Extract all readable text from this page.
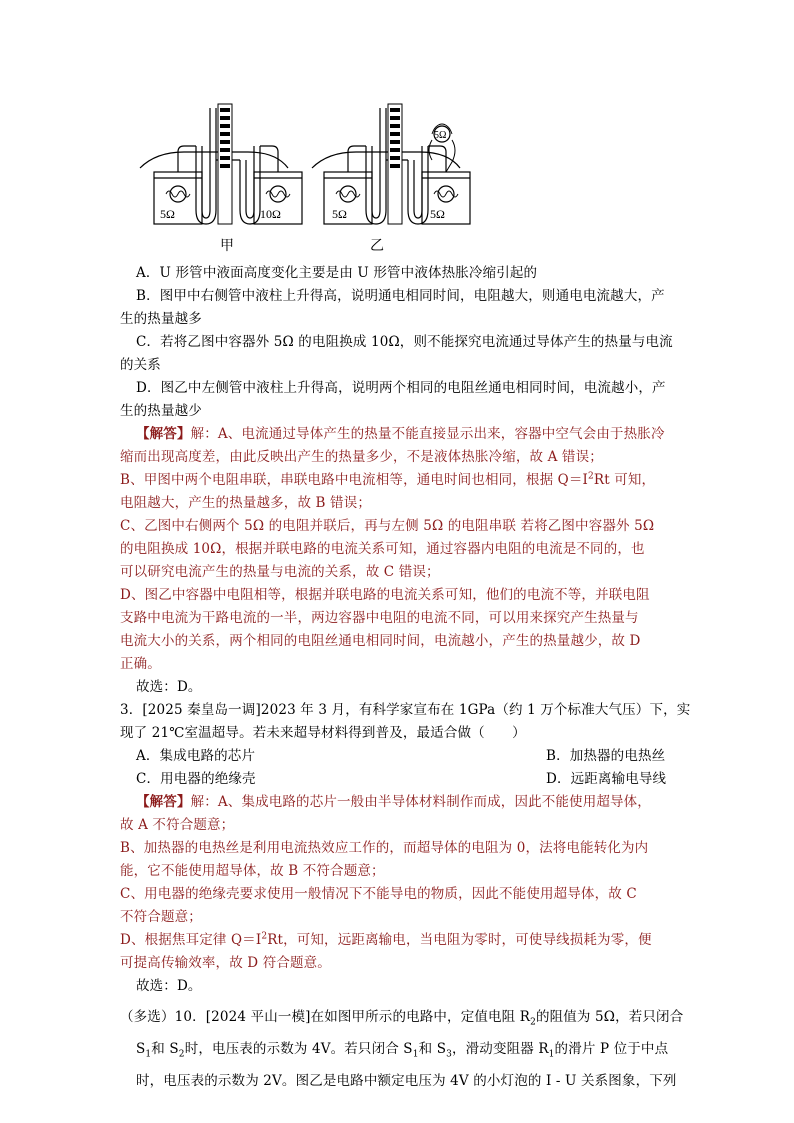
5Ω	10Ω	5Ω	5Ω
5Ω
甲	乙
A．U 形管中液面高度变化主要是由 U 形管中液体热胀冷缩引起的
B．图甲中右侧管中液柱上升得高，说明通电相同时间，电阻越大，则通电电流越大，产
生的热量越多
C．若将乙图中容器外 5Ω 的电阻换成 10Ω，则不能探究电流通过导体产生的热量与电流
的关系
D．图乙中左侧管中液柱上升得高，说明两个相同的电阻丝通电相同时间，电流越小，产
生的热量越少
【解答】解：A、电流通过导体产生的热量不能直接显示出来，容器中空气会由于热胀冷
缩而出现高度差，由此反映出产生的热量多少，不是液体热胀冷缩，故 A 错误；
B、甲图中两个电阻串联，串联电路中电流相等，通电时间也相同，根据 $Q=I^2Rt$ 可知，
电阻越大，产生的热量越多，故 B 错误；
C、乙图中右侧两个 5Ω 的电阻并联后，再与左侧 5Ω 的电阻串联 若将乙图中容器外 5Ω
的电阻换成 10Ω，根据并联电路的电流关系可知，通过容器内电阻的电流是不同的，也
可以研究电流产生的热量与电流的关系，故 C 错误；
D、图乙中容器中电阻相等，根据并联电路的电流关系可知，他们的电流不等，并联电阻
支路中电流为干路电流的一半，两边容器中电阻的电流不同，可以用来探究产生热量与
电流大小的关系，两个相同的电阻丝通电相同时间，电流越小，产生的热量越少，故 D
正确。
故选：D。
3．[2025 秦皇岛一调]2023 年 3 月，有科学家宣布在 1GPa（约 1 万个标准大气压）下，实
现了 21℃室温超导。若未来超导材料得到普及，最适合做（　　）
A．集成电路的芯片	B．加热器的电热丝
C．用电器的绝缘壳	D．远距离输电导线
【解答】解：A、集成电路的芯片一般由半导体材料制作而成，因此不能使用超导体，
故 A 不符合题意；
B、加热器的电热丝是利用电流热效应工作的，而超导体的电阻为 0，法将电能转化为内
能，它不能使用超导体，故 B 不符合题意；
C、用电器的绝缘壳要求使用一般情况下不能导电的物质，因此不能使用超导体，故 C
不符合题意；
D、根据焦耳定律 $Q=I^2Rt$，可知，远距离输电，当电阻为零时，可使导线损耗为零，便
可提高传输效率，故 D 符合题意。
故选：D。
（多选）10．[2024 平山一模]在如图甲所示的电路中，定值电阻 $R_2$的阻值为 5Ω，若只闭合
$S_1$和 $S_2$时，电压表的示数为 4V。若只闭合 $S_1$和 $S_3$，滑动变阻器 $R_1$的滑片 P 位于中点
时，电压表的示数为 2V。图乙是电路中额定电压为 4V 的小灯泡的 I - U 关系图象，下列
